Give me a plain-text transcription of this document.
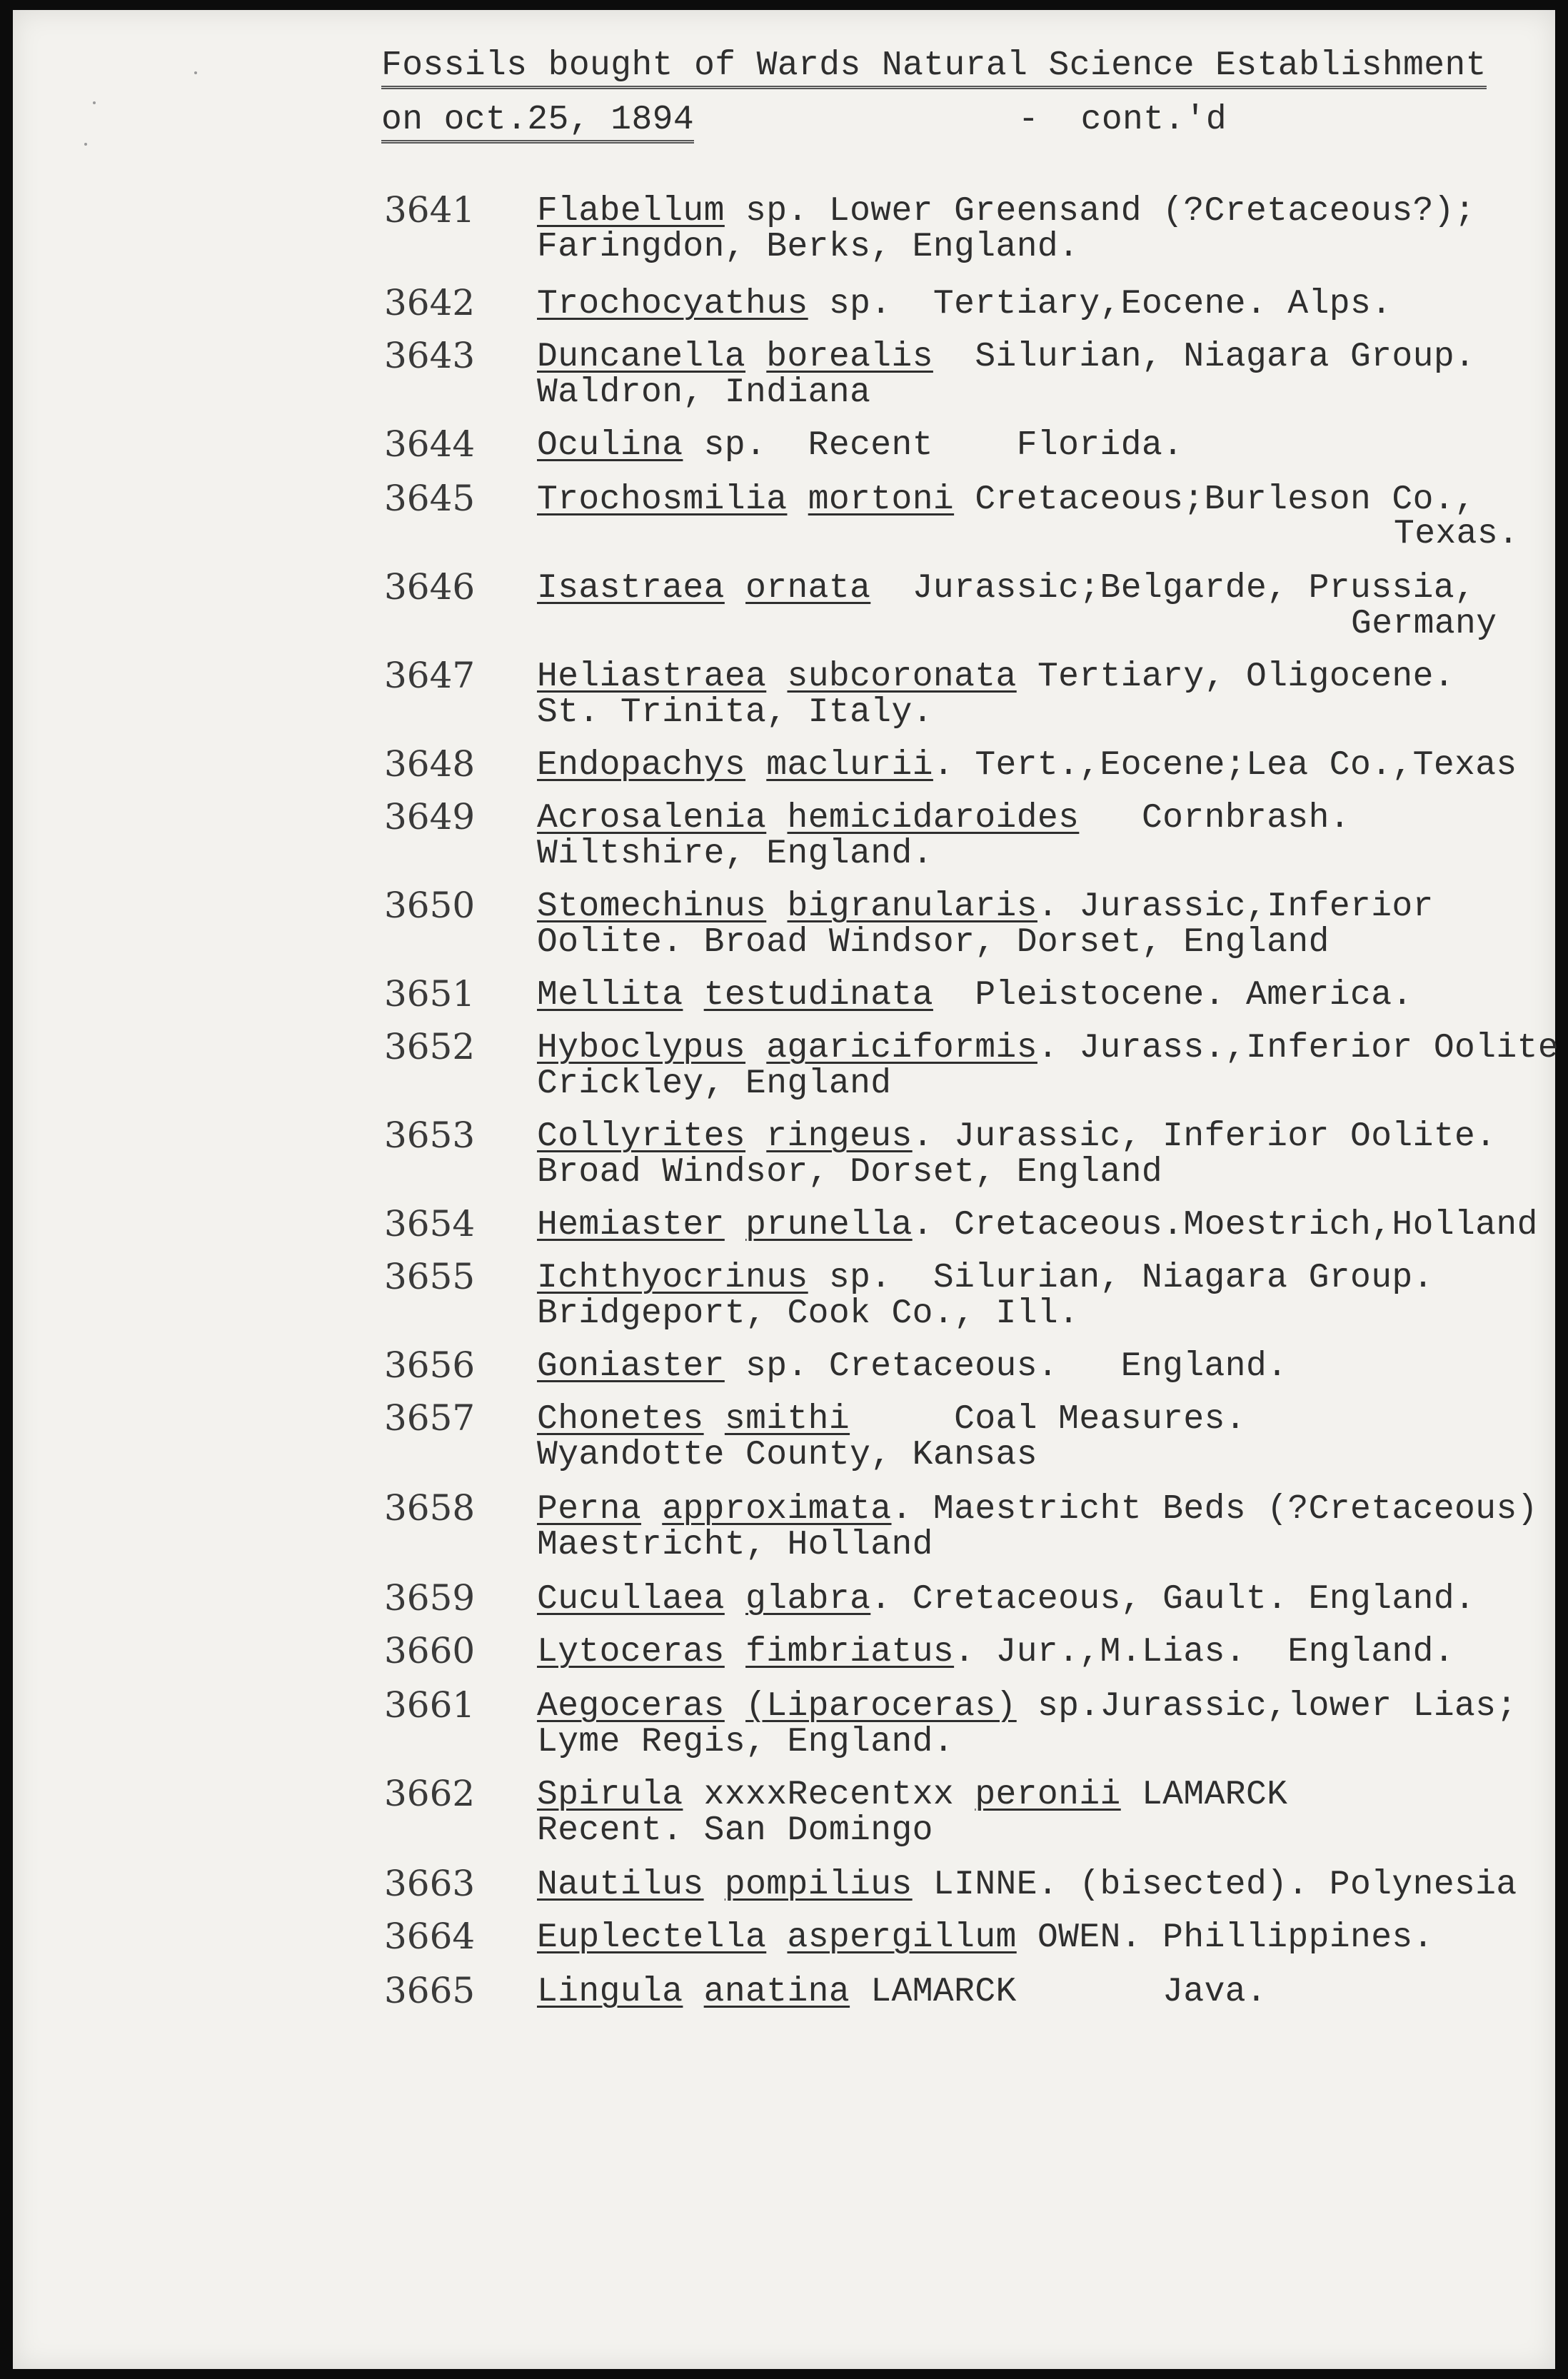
Fossils bought of Wards Natural Science Establishment
on oct.25, 1894	-  cont.'d
3641 Flabellum sp. Lower Greensand (?Cretaceous?);
Faringdon, Berks, England.
3642 Trochocyathus sp.  Tertiary,Eocene. Alps.
3643 Duncanella borealis  Silurian, Niagara Group.
Waldron, Indiana
3644 Oculina sp.  Recent    Florida.
3645 Trochosmilia mortoni Cretaceous;Burleson Co.,
Texas.
3646 Isastraea ornata  Jurassic;Belgarde, Prussia,
Germany
3647 Heliastraea subcoronata Tertiary, Oligocene.
St. Trinita, Italy.
3648 Endopachys maclurii. Tert.,Eocene;Lea Co.,Texas
3649 Acrosalenia hemicidaroides   Cornbrash.
Wiltshire, England.
3650 Stomechinus bigranularis. Jurassic,Inferior
Oolite. Broad Windsor, Dorset, England
3651 Mellita testudinata  Pleistocene. America.
3652 Hyboclypus agariciformis. Jurass.,Inferior Oolite
Crickley, England
3653 Collyrites ringeus. Jurassic, Inferior Oolite.
Broad Windsor, Dorset, England
3654 Hemiaster prunella. Cretaceous.Moestrich,Holland
3655 Ichthyocrinus sp.  Silurian, Niagara Group.
Bridgeport, Cook Co., Ill.
3656 Goniaster sp. Cretaceous.   England.
3657 Chonetes smithi     Coal Measures.
Wyandotte County, Kansas
3658 Perna approximata. Maestricht Beds (?Cretaceous)
Maestricht, Holland
3659 Cucullaea glabra. Cretaceous, Gault. England.
3660 Lytoceras fimbriatus. Jur.,M.Lias.  England.
3661 Aegoceras (Liparoceras) sp.Jurassic,lower Lias;
Lyme Regis, England.
3662 Spirula xxxxRecentxx peronii LAMARCK
Recent. San Domingo
3663 Nautilus pompilius LINNE. (bisected). Polynesia
3664 Euplectella aspergillum OWEN. Phillippines.
3665 Lingula anatina LAMARCK       Java.
